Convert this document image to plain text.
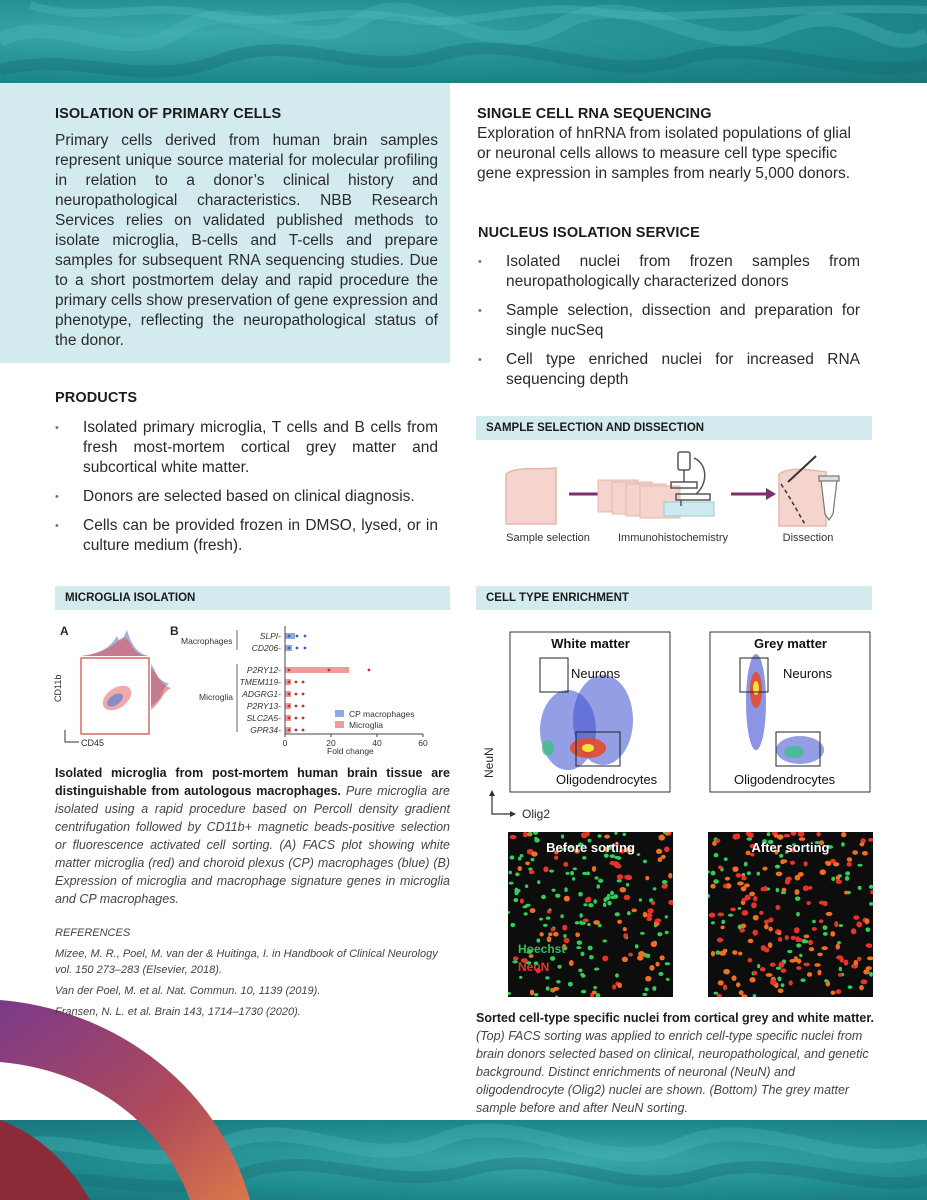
ISOLATION OF PRIMARY CELLS

Primary cells derived from human brain samples represent unique source material for molecular profiling in relation to a donor’s clinical history and neuropathological characteristics. NBB Research Services relies on validated published methods to isolate microglia, B-cells and T-cells and prepare samples for subsequent RNA sequencing studies. Due to a short postmortem delay and rapid procedure the primary cells show preservation of gene expression and phenotype, reflecting the neuropathological status of the donor.

PRODUCTS
• Isolated primary microglia, T cells and B cells from fresh most-mortem cortical grey matter and subcortical white matter.
• Donors are selected based on clinical diagnosis.
• Cells can be provided frozen in DMSO, lysed, or in culture medium (fresh).
SINGLE CELL RNA SEQUENCING

Exploration of hnRNA from isolated populations of glial or neuronal cells allows to measure cell type specific gene expression in samples from nearly 5,000 donors.

NUCLEUS ISOLATION SERVICE
• Isolated nuclei from frozen samples from neuropathologically characterized donors
• Sample selection, dissection and preparation for single nucSeq
• Cell type enriched nuclei for increased RNA sequencing depth
SAMPLE SELECTION AND DISSECTION
Sample selection	Immunohistochemistry	Dissection
MICROGLIA ISOLATION
A	B
CD11b
CD45
Macrophages
Microglia
SLPI-
CD206-
P2RY12-
TMEM119-
ADGRG1-
P2RY13-
SLC2A5-
GPR34-
0	20	40	60
Fold change
CP macrophages
Microglia

Isolated microglia from post-mortem human brain tissue are distinguishable from autologous macrophages. Pure microglia are isolated using a rapid procedure based on Percoll density gradient centrifugation followed by CD11b+ magnetic beads-positive selection or fluorescence activated cell sorting. (A) FACS plot showing white matter microglia (red) and choroid plexus (CP) macrophages (blue) (B) Expression of microglia and macrophage signature genes in microglia and CP macrophages.

REFERENCES
Mizee, M. R., Poel, M. van der & Huitinga, I. in Handbook of Clinical Neurology vol. 150 273–283 (Elsevier, 2018).
Van der Poel, M. et al. Nat. Commun. 10, 1139 (2019).
Fransen, N. L. et al. Brain 143, 1714–1730 (2020).
CELL TYPE ENRICHMENT
White matter
Neurons
Oligodendrocytes
Grey matter
Neurons
Oligodendrocytes
NeuN
Olig2
Before sorting
Hoechst
NeuN
After sorting

Sorted cell-type specific nuclei from cortical grey and white matter. (Top) FACS sorting was applied to enrich cell-type specific nuclei from brain donors selected based on clinical, neuropathological, and genetic background. Distinct enrichments of neuronal (NeuN) and oligodendrocyte (Olig2) nuclei are shown. (Bottom) The grey matter sample before and after NeuN sorting.
